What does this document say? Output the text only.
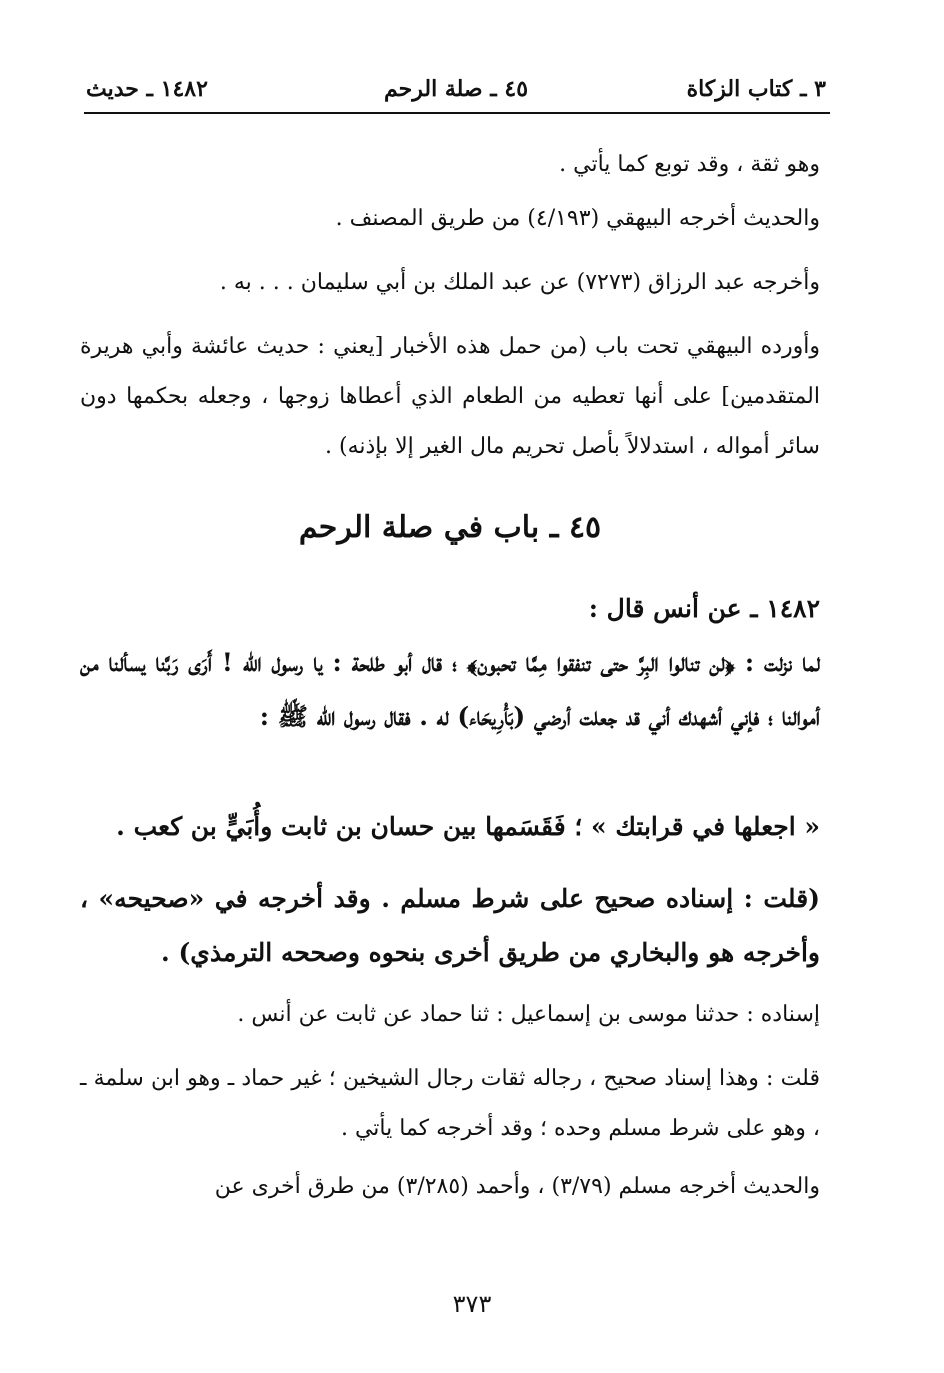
٣ ـ كتاب الزكاة
٤٥ ـ صلة الرحم
١٤٨٢ ـ حديث
وهو ثقة ، وقد توبع كما يأتي .
والحديث أخرجه البيهقي (٤/١٩٣) من طريق المصنف .
وأخرجه عبد الرزاق (٧٢٧٣) عن عبد الملك بن أبي سليمان . . . به .
وأورده البيهقي تحت باب (من حمل هذه الأخبار [يعني : حديث عائشة وأبي هريرة المتقدمين] على أنها تعطيه من الطعام الذي أعطاها زوجها ، وجعله بحكمها دون سائر أمواله ، استدلالاً بأصل تحريم مال الغير إلا بإذنه) .
٤٥ ـ باب في صلة الرحم
١٤٨٢ ـ عن أنس قال :
لما نزلت : ﴿لن تنالوا البِرَّ حتى تنفقوا مِمَّا تحبون﴾ ؛ قال أبو طلحة : يا رسول الله ! أَرَى رَبَّنا يسألنا من أموالنا ؛ فإني أشهدك أني قد جعلت أرضي (بَأْرِيحَاء) له . فقال رسول الله ﷺ :
« اجعلها في قرابتك » ؛ فَقَسَمها بين حسان بن ثابت وأُبَيٍّ بن كعب .
(قلت : إسناده صحيح على شرط مسلم . وقد أخرجه في «صحيحه» ، وأخرجه هو والبخاري من طريق أخرى بنحوه وصححه الترمذي) .
إسناده : حدثنا موسى بن إسماعيل : ثنا حماد عن ثابت عن أنس .
قلت : وهذا إسناد صحيح ، رجاله ثقات رجال الشيخين ؛ غير حماد ـ وهو ابن سلمة ـ ، وهو على شرط مسلم وحده ؛ وقد أخرجه كما يأتي .
والحديث أخرجه مسلم (٣/٧٩) ، وأحمد (٣/٢٨٥) من طرق أخرى عن
٣٧٣
